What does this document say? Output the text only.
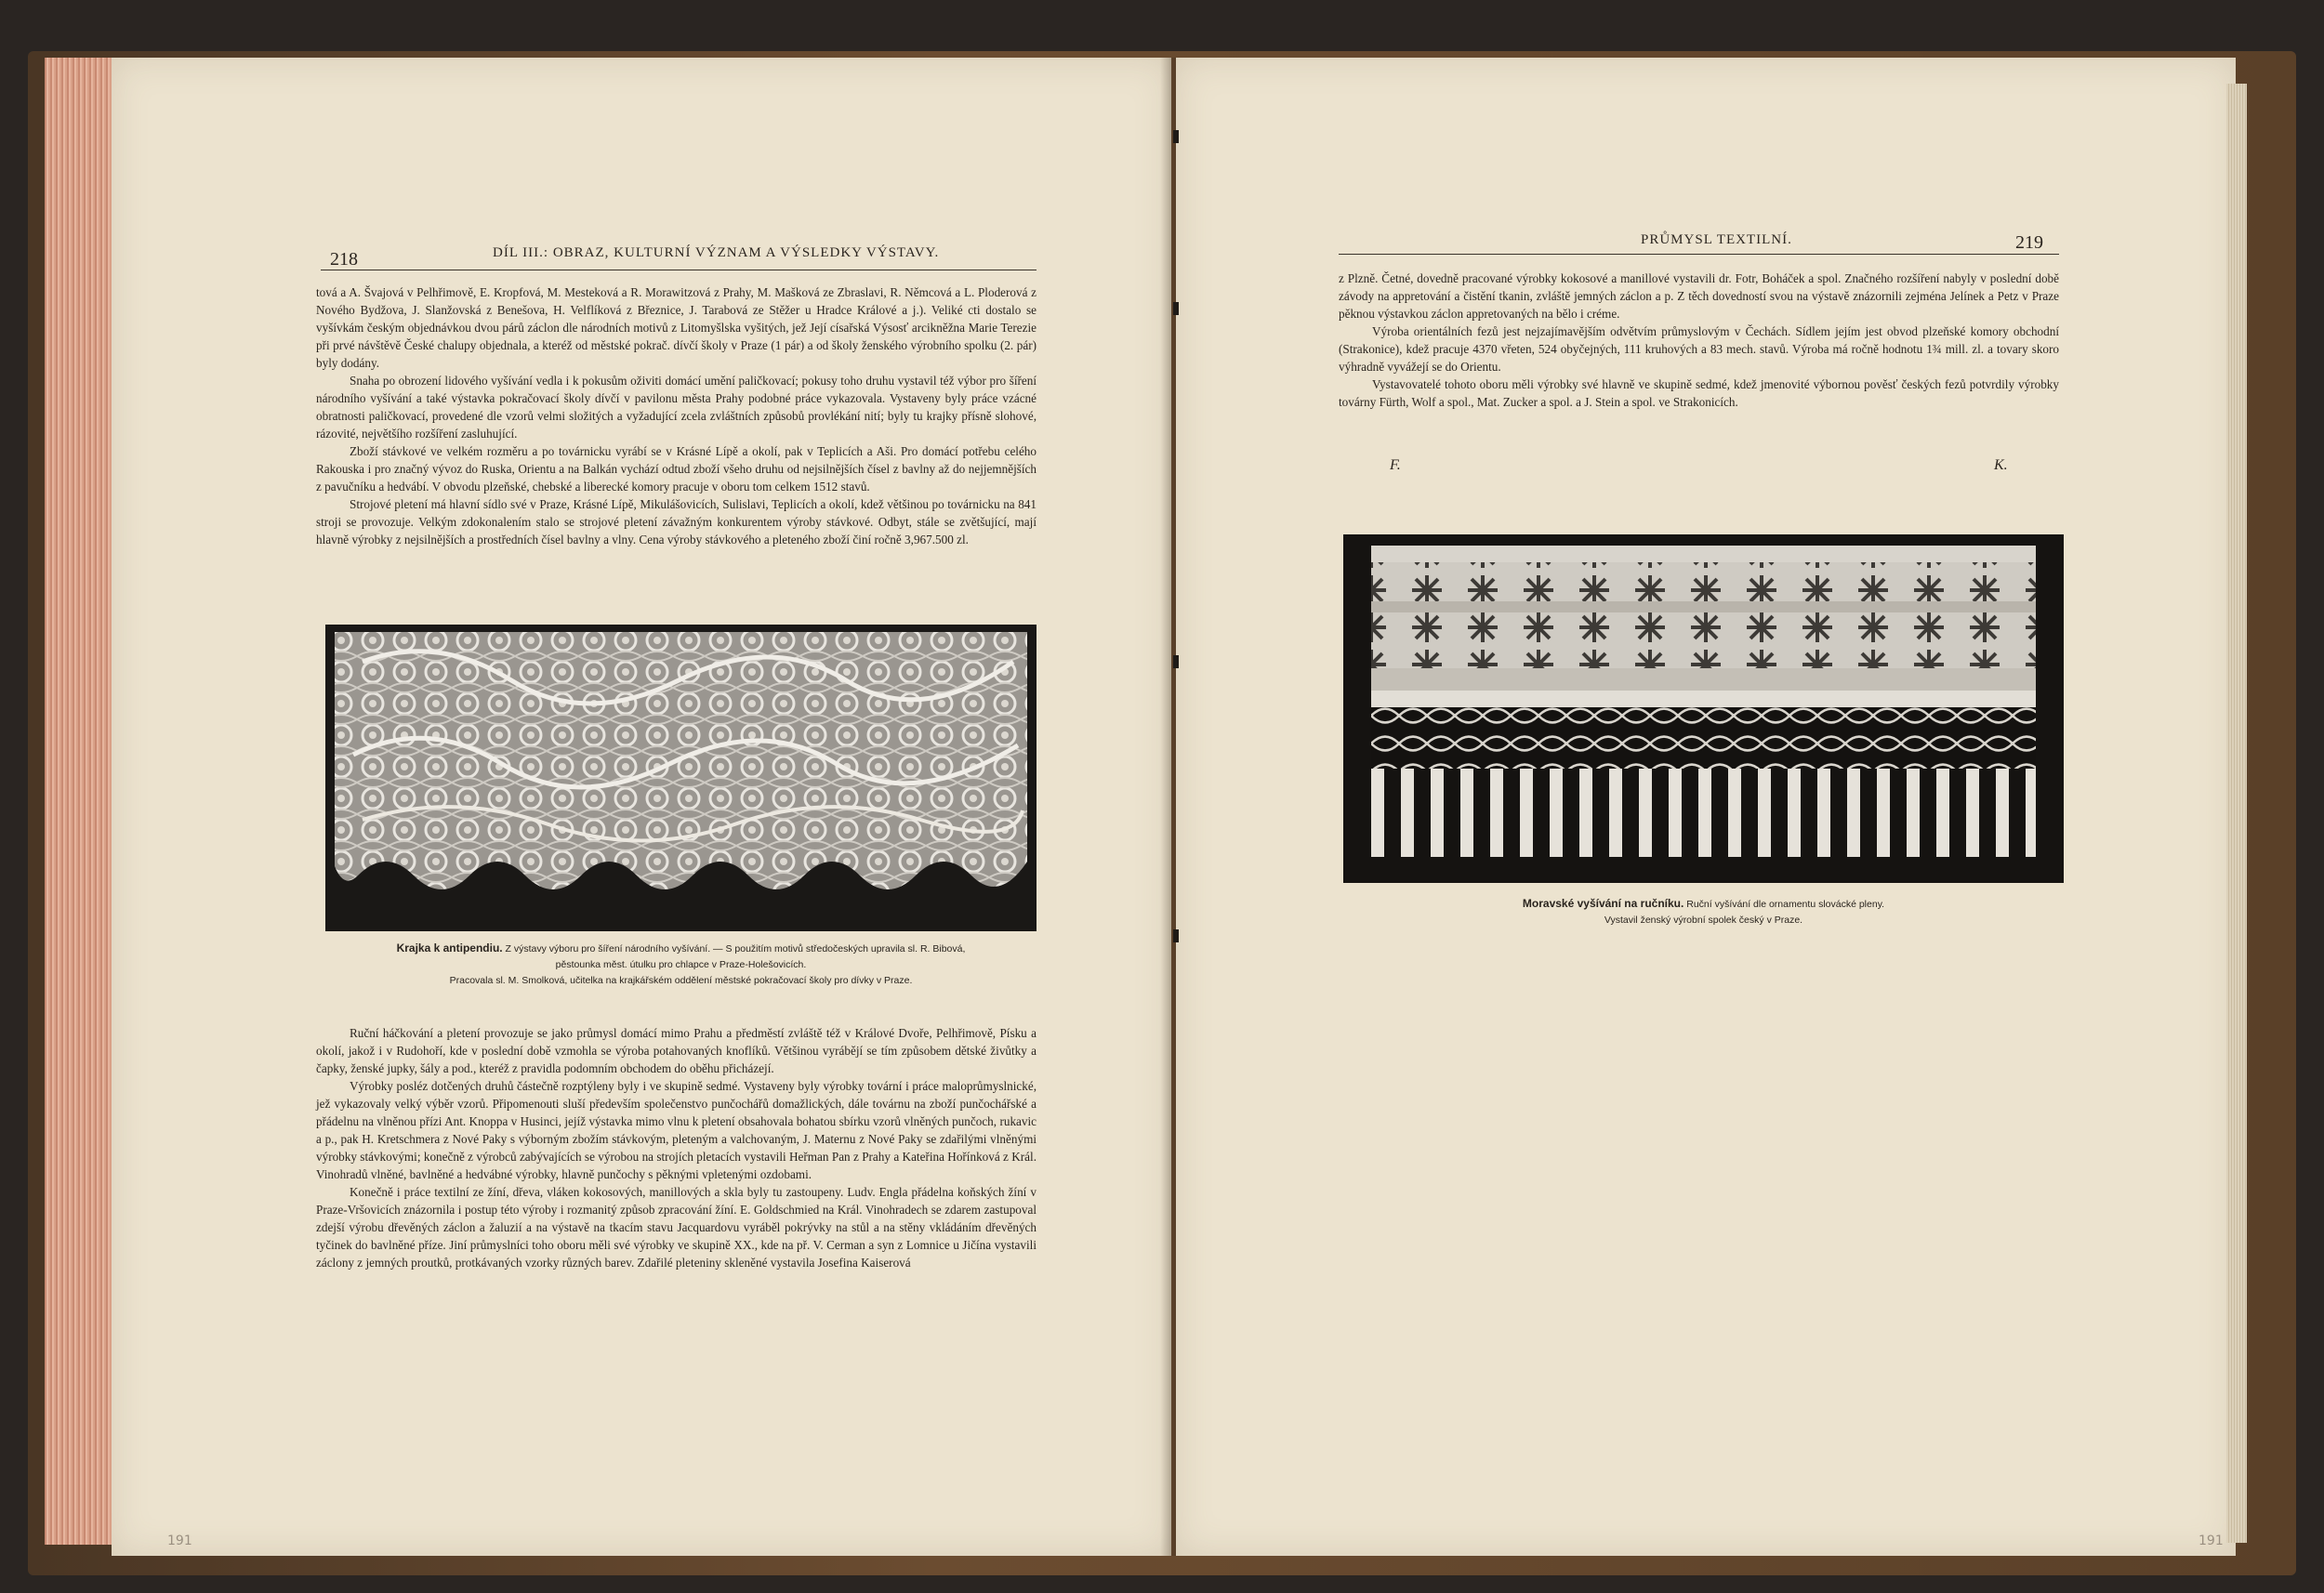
218	DÍL III.: OBRAZ, KULTURNÍ VÝZNAM A VÝSLEDKY VÝSTAVY.

tová a A. Švajová v Pelhřimově, E. Kropfová, M. Mesteková a R. Morawitzová z Prahy, M. Mašková ze Zbraslavi, R. Němcová a L. Ploderová z Nového Bydžova, J. Slanžovská z Benešova, H. Velflíková z Březnice, J. Tarabová ze Stěžer u Hradce Králové a j.). Veliké cti dostalo se vyšívkám českým objednávkou dvou párů záclon dle národních motivů z Litomyšlska vyšitých, jež Její císařská Výsosť arcikněžna Marie Terezie při prvé návštěvě České chalupy objednala, a kteréž od městské pokrač. dívčí školy v Praze (1 pár) a od školy ženského výrobního spolku (2. pár) byly dodány.

Snaha po obrození lidového vyšívání vedla i k pokusům oživiti domácí umění paličkovací; pokusy toho druhu vystavil též výbor pro šíření národního vyšívání a také výstavka pokračovací školy dívčí v pavilonu města Prahy podobné práce vykazovala. Vystaveny byly práce vzácné obratnosti paličkovací, provedené dle vzorů velmi složitých a vyžadující zcela zvláštních způsobů provlékání nití; byly tu krajky přísně slohové, rázovité, největšího rozšíření zasluhující.

Zboží stávkové ve velkém rozměru a po továrnicku vyrábí se v Krásné Lípě a okolí, pak v Teplicích a Aši. Pro domácí potřebu celého Rakouska i pro značný vývoz do Ruska, Orientu a na Balkán vychází odtud zboží všeho druhu od nejsilnějších čísel z bavlny až do nejjemnějších z pavučníku a hedvábí. V obvodu plzeňské, chebské a liberecké komory pracuje v oboru tom celkem 1512 stavů.

Strojové pletení má hlavní sídlo své v Praze, Krásné Lípě, Mikulášovicích, Sulislavi, Teplicích a okolí, kdež většinou po továrnicku na 841 stroji se provozuje. Velkým zdokonalením stalo se strojové pletení závažným konkurentem výroby stávkové. Odbyt, stále se zvětšující, mají hlavně výrobky z nejsilnějších a prostředních čísel bavlny a vlny. Cena výroby stávkového a pleteného zboží činí ročně 3,967.500 zl.

Krajka k antipendiu. Z výstavy výboru pro šíření národního vyšívání. — S použitím motivů středočeských upravila sl. R. Bibová,
pěstounka měst. útulku pro chlapce v Praze-Holešovicích.
Pracovala sl. M. Smolková, učitelka na krajkářském oddělení městské pokračovací školy pro dívky v Praze.

Ruční háčkování a pletení provozuje se jako průmysl domácí mimo Prahu a předměstí zvláště též v Králové Dvoře, Pelhřimově, Písku a okolí, jakož i v Rudohoří, kde v poslední době vzmohla se výroba potahovaných knoflíků. Většinou vyrábějí se tím způsobem dětské živůtky a čapky, ženské jupky, šály a pod., kteréž z pravidla podomním obchodem do oběhu přicházejí.

Výrobky posléz dotčených druhů částečně rozptýleny byly i ve skupině sedmé. Vystaveny byly výrobky tovární i práce maloprůmyslnické, jež vykazovaly velký výběr vzorů. Připomenouti sluší především společenstvo punčochářů domažlických, dále továrnu na zboží punčochářské a přádelnu na vlněnou přízi Ant. Knoppa v Husinci, jejíž výstavka mimo vlnu k pletení obsahovala bohatou sbírku vzorů vlněných punčoch, rukavic a p., pak H. Kretschmera z Nové Paky s výborným zbožím stávkovým, pleteným a valchovaným, J. Maternu z Nové Paky se zdařilými vlněnými výrobky stávkovými; konečně z výrobců zabývajících se výrobou na strojích pletacích vystavili Heřman Pan z Prahy a Kateřina Hořínková z Král. Vinohradů vlněné, bavlněné a hedvábné výrobky, hlavně punčochy s pěknými vpletenými ozdobami.

Konečně i práce textilní ze žíní, dřeva, vláken kokosových, manillových a skla byly tu zastoupeny. Ludv. Engla přádelna koňských žíní v Praze-Vršovicích znázornila i postup této výroby i rozmanitý způsob zpracování žíní. E. Goldschmied na Král. Vinohradech se zdarem zastupoval zdejší výrobu dřevěných záclon a žaluzií a na výstavě na tkacím stavu Jacquardovu vyráběl pokrývky na stůl a na stěny vkládáním dřevěných tyčinek do bavlněné příze. Jiní průmyslníci toho oboru měli své výrobky ve skupině XX., kde na př. V. Cerman a syn z Lomnice u Jičína vystavili záclony z jemných proutků, protkávaných vzorky různých barev. Zdařilé pleteniny skleněné vystavila Josefina Kaiserová

191
PRŮMYSL TEXTILNÍ.	219

z Plzně. Četné, dovedně pracované výrobky kokosové a manillové vystavili dr. Fotr, Boháček a spol. Značného rozšíření nabyly v poslední době závody na appretování a čistění tkanin, zvláště jemných záclon a p. Z těch dovedností svou na výstavě znázornili zejména Jelínek a Petz v Praze pěknou výstavkou záclon appretovaných na bělo i créme.

Výroba orientálních fezů jest nejzajímavějším odvětvím průmyslovým v Čechách. Sídlem jejím jest obvod plzeňské komory obchodní (Strakonice), kdež pracuje 4370 vřeten, 524 obyčejných, 111 kruhových a 83 mech. stavů. Výroba má ročně hodnotu 1¾ mill. zl. a tovary skoro výhradně vyvážejí se do Orientu.

Vystavovatelé tohoto oboru měli výrobky své hlavně ve skupině sedmé, kdež jmenovité výbornou pověsť českých fezů potvrdily výrobky továrny Fürth, Wolf a spol., Mat. Zucker a spol. a J. Stein a spol. ve Strakonicích.

F.	K.
Moravské vyšívání na ručníku. Ruční vyšívání dle ornamentu slovácké pleny.
Vystavil ženský výrobní spolek český v Praze.
191
